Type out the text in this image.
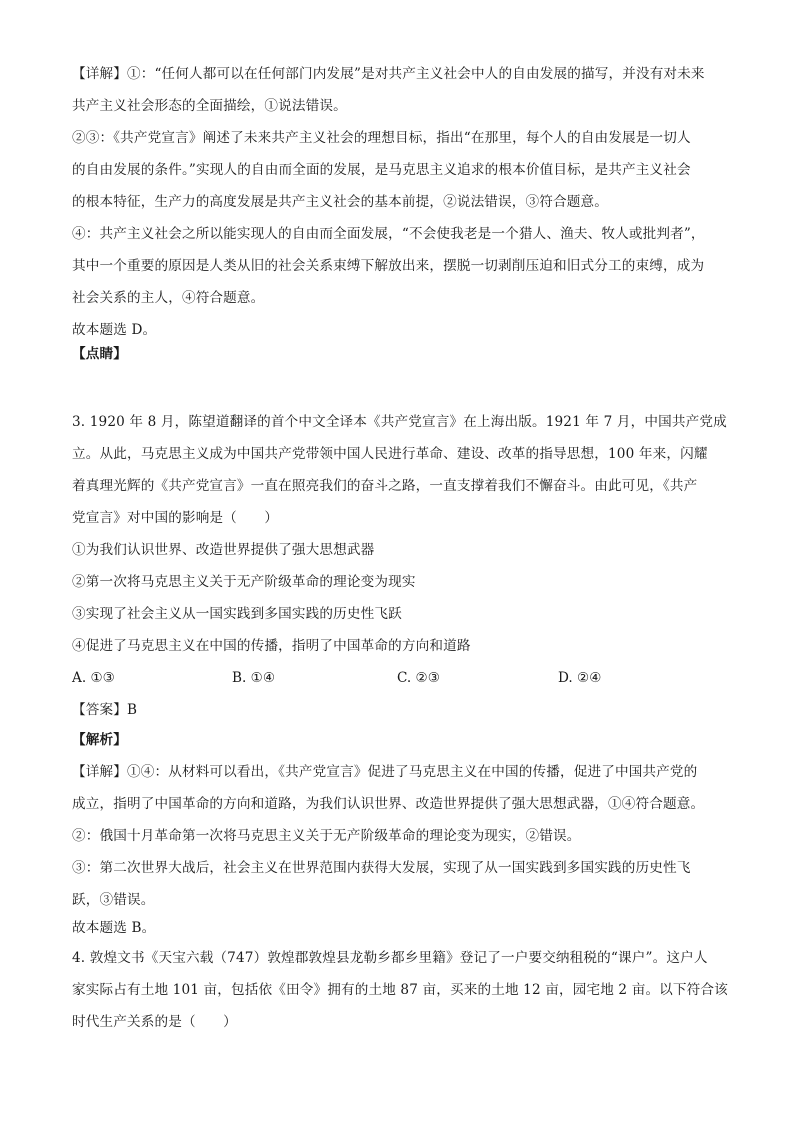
【详解】①：“任何人都可以在任何部门内发展”是对共产主义社会中人的自由发展的描写，并没有对未来
共产主义社会形态的全面描绘，①说法错误。
②③：《共产党宣言》阐述了未来共产主义社会的理想目标，指出“在那里，每个人的自由发展是一切人
的自由发展的条件。”实现人的自由而全面的发展，是马克思主义追求的根本价值目标，是共产主义社会
的根本特征，生产力的高度发展是共产主义社会的基本前提，②说法错误，③符合题意。
④：共产主义社会之所以能实现人的自由而全面发展，“不会使我老是一个猎人、渔夫、牧人或批判者”，
其中一个重要的原因是人类从旧的社会关系束缚下解放出来，摆脱一切剥削压迫和旧式分工的束缚，成为
社会关系的主人，④符合题意。
故本题选 D。
【点睛】
3. 1920 年 8 月，陈望道翻译的首个中文全译本《共产党宣言》在上海出版。1921 年 7 月，中国共产党成
立。从此，马克思主义成为中国共产党带领中国人民进行革命、建设、改革的指导思想，100 年来，闪耀
着真理光辉的《共产党宣言》一直在照亮我们的奋斗之路，一直支撑着我们不懈奋斗。由此可见，《共产
党宣言》对中国的影响是（　　）
①为我们认识世界、改造世界提供了强大思想武器
②第一次将马克思主义关于无产阶级革命的理论变为现实
③实现了社会主义从一国实践到多国实践的历史性飞跃
④促进了马克思主义在中国的传播，指明了中国革命的方向和道路
【答案】B
【解析】
【详解】①④：从材料可以看出，《共产党宣言》促进了马克思主义在中国的传播，促进了中国共产党的
成立，指明了中国革命的方向和道路，为我们认识世界、改造世界提供了强大思想武器，①④符合题意。
②：俄国十月革命第一次将马克思主义关于无产阶级革命的理论变为现实，②错误。
③：第二次世界大战后，社会主义在世界范围内获得大发展，实现了从一国实践到多国实践的历史性飞
跃，③错误。
故本题选 B。
4. 敦煌文书《天宝六载（747）敦煌郡敦煌县龙勒乡都乡里籍》登记了一户要交纳租税的“课户”。这户人
家实际占有土地 101 亩，包括依《田令》拥有的土地 87 亩，买来的土地 12 亩，园宅地 2 亩。以下符合该
时代生产关系的是（　　）
A. ①③	B. ①④	C. ②③	D. ②④
